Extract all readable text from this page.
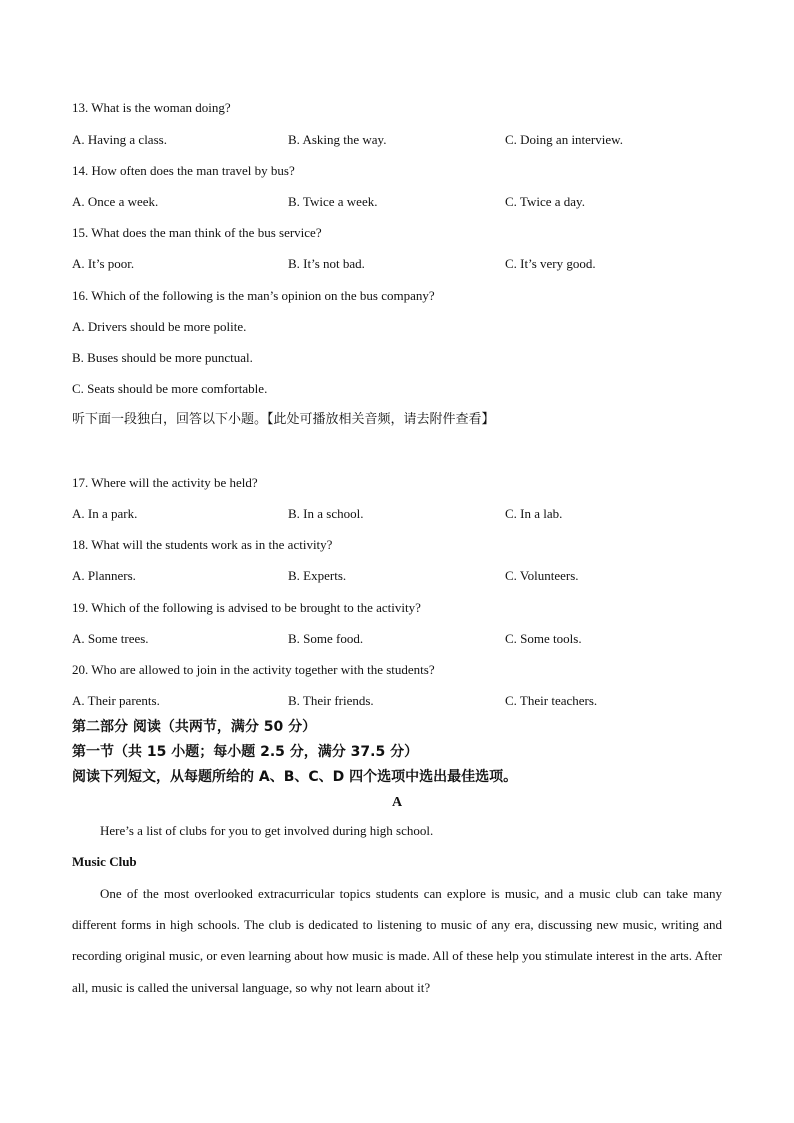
13. What is the woman doing?
A. Having a class.	B. Asking the way.	C. Doing an interview.
14. How often does the man travel by bus?
A. Once a week.	B. Twice a week.	C. Twice a day.
15. What does the man think of the bus service?
A. It’s poor.	B. It’s not bad.	C. It’s very good.
16. Which of the following is the man’s opinion on the bus company?
A. Drivers should be more polite.
B. Buses should be more punctual.
C. Seats should be more comfortable.
听下面一段独白，回答以下小题。【此处可播放相关音频，请去附件查看】
17. Where will the activity be held?
A. In a park.	B. In a school.	C. In a lab.
18. What will the students work as in the activity?
A. Planners.	B. Experts.	C. Volunteers.
19. Which of the following is advised to be brought to the activity?
A. Some trees.	B. Some food.	C. Some tools.
20. Who are allowed to join in the activity together with the students?
A. Their parents.	B. Their friends.	C. Their teachers.
第二部分 阅读（共两节，满分 50 分）
第一节（共 15 小题；每小题 2.5 分，满分 37.5 分）
阅读下列短文，从每题所给的 A、B、C、D 四个选项中选出最佳选项。
A
Here’s a list of clubs for you to get involved during high school.
Music Club
One of the most overlooked extracurricular topics students can explore is music, and a music club can take many different forms in high schools. The club is dedicated to listening to music of any era, discussing new music, writing and recording original music, or even learning about how music is made. All of these help you stimulate interest in the arts. After all, music is called the universal language, so why not learn about it?
